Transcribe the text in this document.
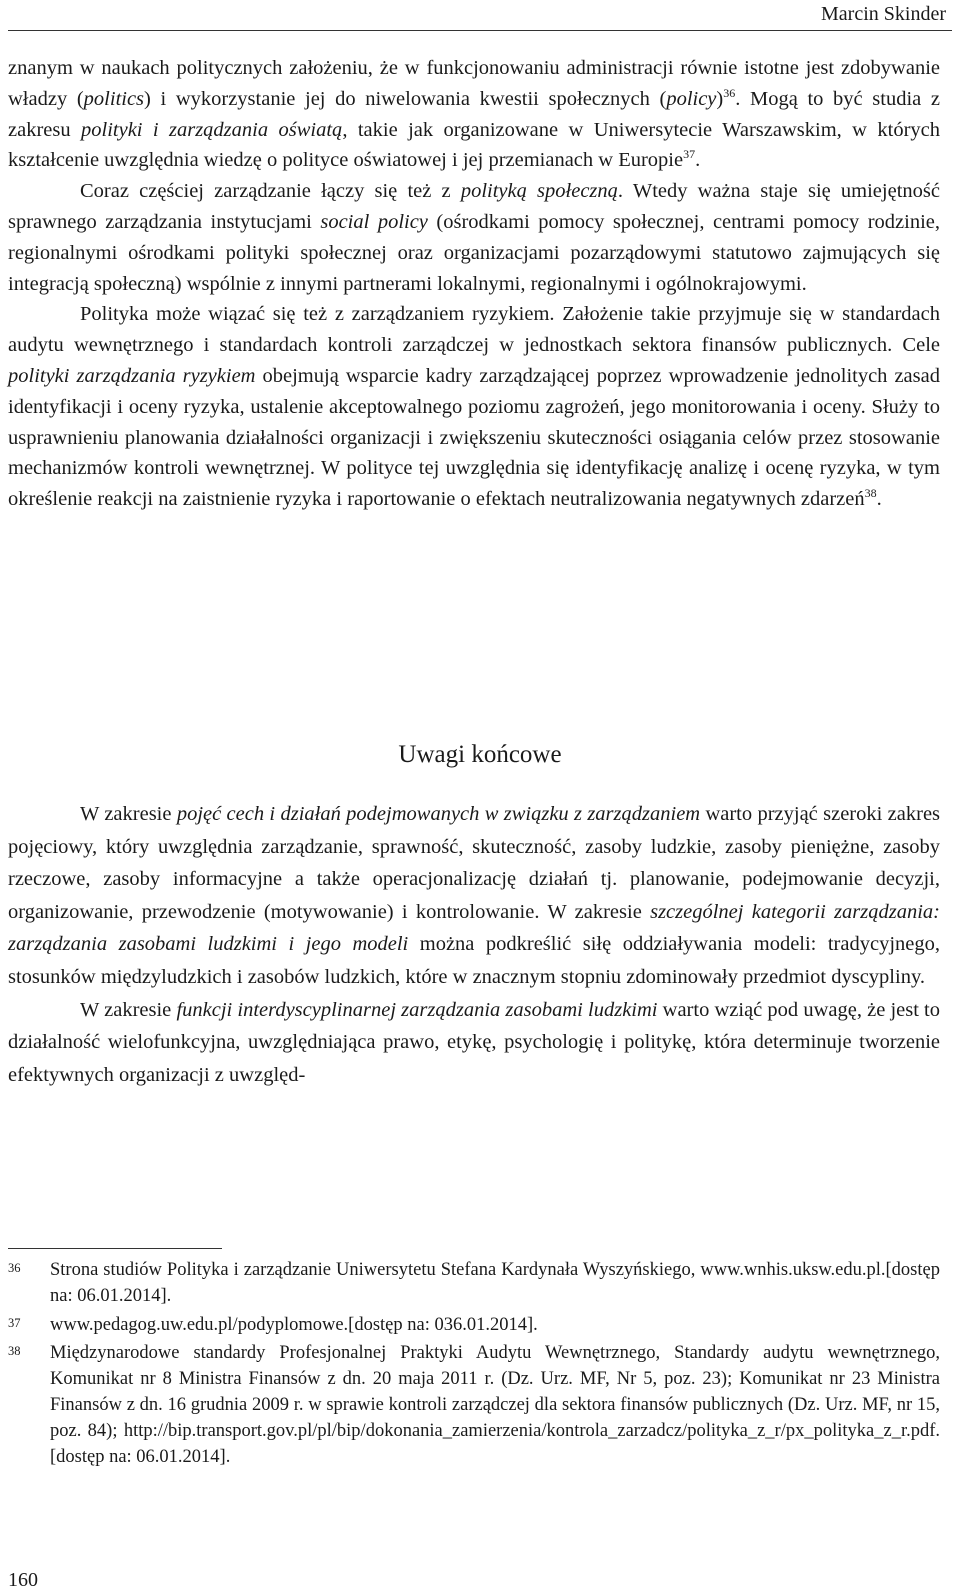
Marcin Skinder

znanym w naukach politycznych założeniu, że w funkcjonowaniu administracji równie istotne jest zdobywanie władzy (politics) i wykorzystanie jej do niwelowania kwestii społecznych (policy)$^{36}$. Mogą to być studia z zakresu polityki i zarządzania oświatą, takie jak organizowane w Uniwersytecie Warszawskim, w których kształcenie uwzględnia wiedzę o polityce oświatowej i jej przemianach w Europie$^{37}$.

Coraz częściej zarządzanie łączy się też z polityką społeczną. Wtedy ważna staje się umiejętność sprawnego zarządzania instytucjami social policy (ośrodkami pomocy społecznej, centrami pomocy rodzinie, regionalnymi ośrodkami polityki społecznej oraz organizacjami pozarządowymi statutowo zajmujących się integracją społeczną) wspólnie z innymi partnerami lokalnymi, regionalnymi i ogólnokrajowymi.

Polityka może wiązać się też z zarządzaniem ryzykiem. Założenie takie przyjmuje się w standardach audytu wewnętrznego i standardach kontroli zarządczej w jednostkach sektora finansów publicznych. Cele polityki zarządzania ryzykiem obejmują wsparcie kadry zarządzającej poprzez wprowadzenie jednolitych zasad identyfikacji i oceny ryzyka, ustalenie akceptowalnego poziomu zagrożeń, jego monitorowania i oceny. Służy to usprawnieniu planowania działalności organizacji i zwiększeniu skuteczności osiągania celów przez stosowanie mechanizmów kontroli wewnętrznej. W polityce tej uwzględnia się identyfikację analizę i ocenę ryzyka, w tym określenie reakcji na zaistnienie ryzyka i raportowanie o efektach neutralizowania negatywnych zdarzeń$^{38}$.

Uwagi końcowe

W zakresie pojęć cech i działań podejmowanych w związku z zarządzaniem warto przyjąć szeroki zakres pojęciowy, który uwzględnia zarządzanie, sprawność, skuteczność, zasoby ludzkie, zasoby pieniężne, zasoby rzeczowe, zasoby informacyjne a także operacjonalizację działań tj. planowanie, podejmowanie decyzji, organizowanie, przewodzenie (motywowanie) i kontrolowanie. W zakresie szczególnej kategorii zarządzania: zarządzania zasobami ludzkimi i jego modeli można podkreślić siłę oddziaływania modeli: tradycyjnego, stosunków międzyludzkich i zasobów ludzkich, które w znacznym stopniu zdominowały przedmiot dyscypliny.

W zakresie funkcji interdyscyplinarnej zarządzania zasobami ludzkimi warto wziąć pod uwagę, że jest to działalność wielofunkcyjna, uwzględniająca prawo, etykę, psychologię i politykę, która determinuje tworzenie efektywnych organizacji z uwzględ-

36 Strona studiów Polityka i zarządzanie Uniwersytetu Stefana Kardynała Wyszyńskiego, www.wnhis.uksw.edu.pl.[dostęp na: 06.01.2014].
37 www.pedagog.uw.edu.pl/podyplomowe.[dostęp na: 036.01.2014].
38 Międzynarodowe standardy Profesjonalnej Praktyki Audytu Wewnętrznego, Standardy audytu wewnętrznego, Komunikat nr 8 Ministra Finansów z dn. 20 maja 2011 r. (Dz. Urz. MF, Nr 5, poz. 23); Komunikat nr 23 Ministra Finansów z dn. 16 grudnia 2009 r. w sprawie kontroli zarządczej dla sektora finansów publicznych (Dz. Urz. MF, nr 15, poz. 84); http://bip.transport.gov.pl/pl/bip/dokonania_zamierzenia/kontrola_zarzadcz/polityka_z_r/px_polityka_z_r.pdf.[dostęp na: 06.01.2014].
160
